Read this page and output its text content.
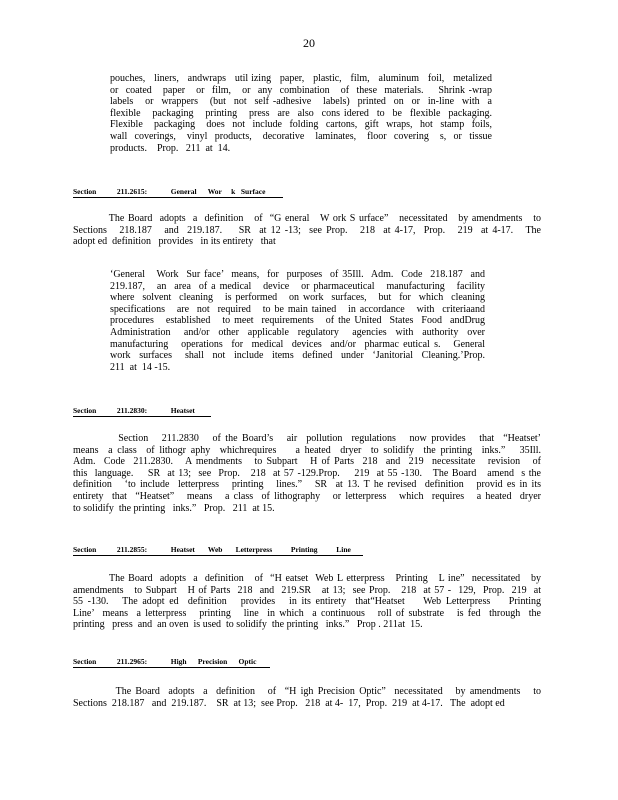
20
pouches,   liners,   andwraps   util izing   paper,   plastic,   film,   aluminum   foil,   metalized
or  coated   paper   or  film,   or  any  combination   of  these  materials.    Shrink -wrap
labels   or  wrappers   (but  not  self -adhesive   labels)  printed  on  or  in-line  with  a
flexible   packaging   printing   press  are  also  cons idered  to  be  flexible  packaging.
Flexible   packaging   does  not  include  folding  cartons,  gift  wraps,  hot  stamp  foils,
wall  coverings,   vinyl  products,   decorative   laminates,   floor  covering   s,  or  tissue
products.    Prop.   211  at  14.
Section	211.2615:	General      Wor     k   Surface
The Board  adopts  a  definition   of  “G eneral   W ork S urface”   necessitated   by amendments   to
Sections   218.187   and  219.187.    SR  at 12 -13;  see Prop.   218  at 4-17,  Prop.   219  at 4-17.   The
adopt ed  definition   provides   in its entirety   that
‘General   Work  Sur face’  means,  for  purposes  of 35Ill.  Adm.  Code  218.187  and
219.187,   an  area  of a medical   device   or pharmaceutical   manufacturing   facility
where  solvent  cleaning   is performed   on work  surfaces,   but  for  which  cleaning
specifications   are  not  required   to be main tained   in accordance   with  criteriaand
procedures   established   to meet  requirements   of the United  States  Food  andDrug
Administration   and/or  other  applicable  regulatory   agencies  with  authority  over
manufacturing   operations  for  medical  devices  and/or  pharmac eutical s.   General
work  surfaces   shall  not  include  items  defined  under  ‘Janitorial  Cleaning.’Prop.
211  at  14 -15.
Section	211.2830:	Heatset
Section   211.2830   of the Board’s   air  pollution  regulations   now provides   that  “Heatset’
means  a class  of lithogr aphy  whichrequires    a heated  dryer  to solidify  the printing  inks.”   35Ill.
Adm.  Code  211.2830.   A mendments   to Subpart   H of Parts  218  and  219  necessitate   revision   of
this  language.    SR  at 13;  see  Prop.   218  at 57 -129.Prop.    219  at 55 -130.   The Board   amend  s the
definition   ‘to include  letterpress   printing   lines.”   SR  at 13. T he revised  definition   provid es in its
entirety  that  “Heatset”   means   a class  of lithography   or letterpress   which  requires   a heated  dryer
to solidify  the printing   inks.”   Prop.   211  at 15.
Section	211.2855:	Heatset       Web       Letterpress          Printing          Line
The Board  adopts  a  definition   of  “H eatset  Web L etterpress   Printing   L ine”  necessitated   by
amendments   to Subpart   H of Parts  218  and  219.SR   at 13;  see Prop.   218  at 57 -  129,  Prop.  219  at
55 -130.   The adopt ed  definition   provides   in its entirety  that“Heatset    Web Letterpress    Printing
Line’  means  a letterpress   printing   line  in which  a continuous   roll of substrate   is fed  through  the
printing   press  and  an oven  is used  to solidify  the printing   inks.”   Prop . 211at  15.
Section	211.2965:	High      Precision      Optic
The Board  adopts  a  definition   of  “H igh Precision Optic”  necessitated   by amendments   to
Sections  218.187   and  219.187.    SR  at 13;  see Prop.   218  at 4-  17,  Prop.  219  at 4-17.   The  adopt ed
